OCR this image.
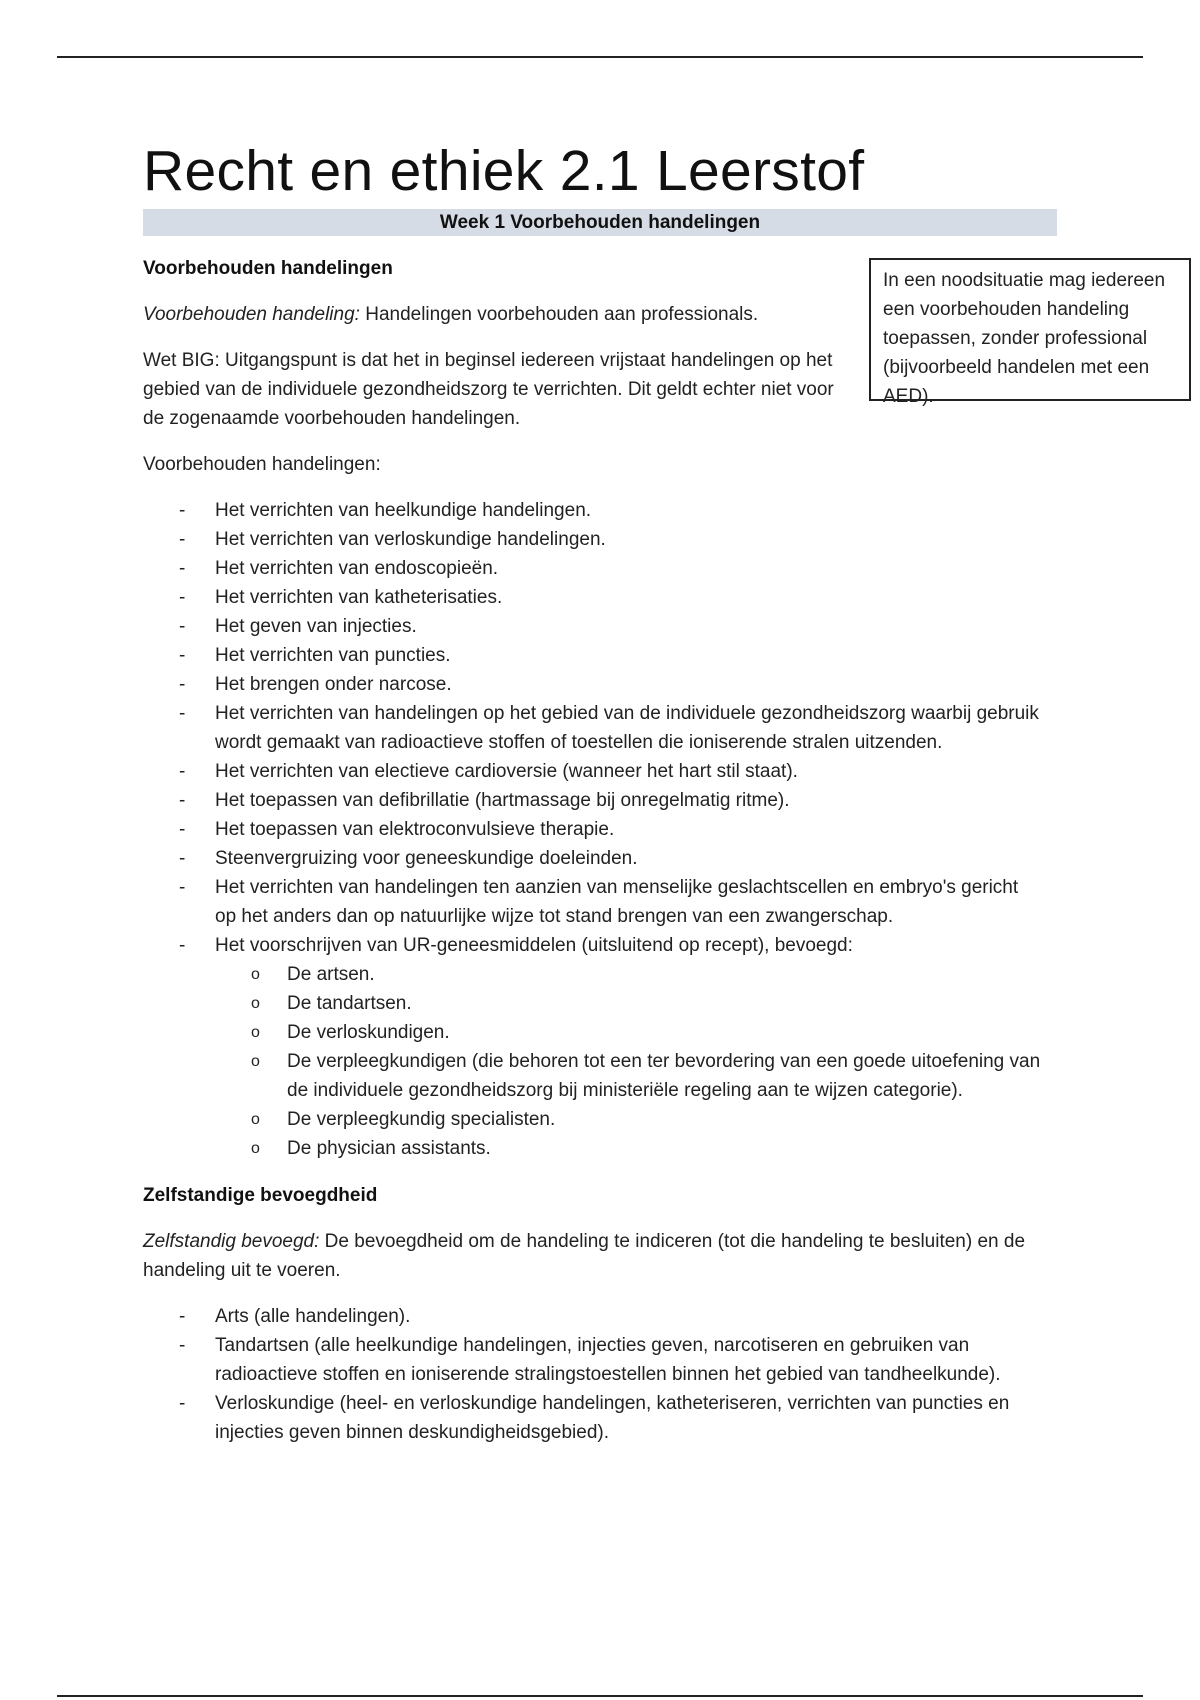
Recht en ethiek 2.1 Leerstof
Week 1 Voorbehouden handelingen
In een noodsituatie mag iedereen een voorbehouden handeling toepassen, zonder professional (bijvoorbeeld handelen met een AED).

Voorbehouden handelingen

Voorbehouden handeling: Handelingen voorbehouden aan professionals.

Wet BIG: Uitgangspunt is dat het in beginsel iedereen vrijstaat handelingen op het gebied van de individuele gezondheidszorg te verrichten. Dit geldt echter niet voor de zogenaamde voorbehouden handelingen.

Voorbehouden handelingen:

- Het verrichten van heelkundige handelingen.
- Het verrichten van verloskundige handelingen.
- Het verrichten van endoscopieën.
- Het verrichten van katheterisaties.
- Het geven van injecties.
- Het verrichten van puncties.
- Het brengen onder narcose.
- Het verrichten van handelingen op het gebied van de individuele gezondheidszorg waarbij gebruik wordt gemaakt van radioactieve stoffen of toestellen die ioniserende stralen uitzenden.
- Het verrichten van electieve cardioversie (wanneer het hart stil staat).
- Het toepassen van defibrillatie (hartmassage bij onregelmatig ritme).
- Het toepassen van elektroconvulsieve therapie.
- Steenvergruizing voor geneeskundige doeleinden.
- Het verrichten van handelingen ten aanzien van menselijke geslachtscellen en embryo's gericht op het anders dan op natuurlijke wijze tot stand brengen van een zwangerschap.
- Het voorschrijven van UR-geneesmiddelen (uitsluitend op recept), bevoegd:
o De artsen.
o De tandartsen.
o De verloskundigen.
o De verpleegkundigen (die behoren tot een ter bevordering van een goede uitoefening van de individuele gezondheidszorg bij ministeriële regeling aan te wijzen categorie).
o De verpleegkundig specialisten.
o De physician assistants.

Zelfstandige bevoegdheid

Zelfstandig bevoegd: De bevoegdheid om de handeling te indiceren (tot die handeling te besluiten) en de handeling uit te voeren.

- Arts (alle handelingen).
- Tandartsen (alle heelkundige handelingen, injecties geven, narcotiseren en gebruiken van radioactieve stoffen en ioniserende stralingstoestellen binnen het gebied van tandheelkunde).
- Verloskundige (heel- en verloskundige handelingen, katheteriseren, verrichten van puncties en injecties geven binnen deskundigheidsgebied).
